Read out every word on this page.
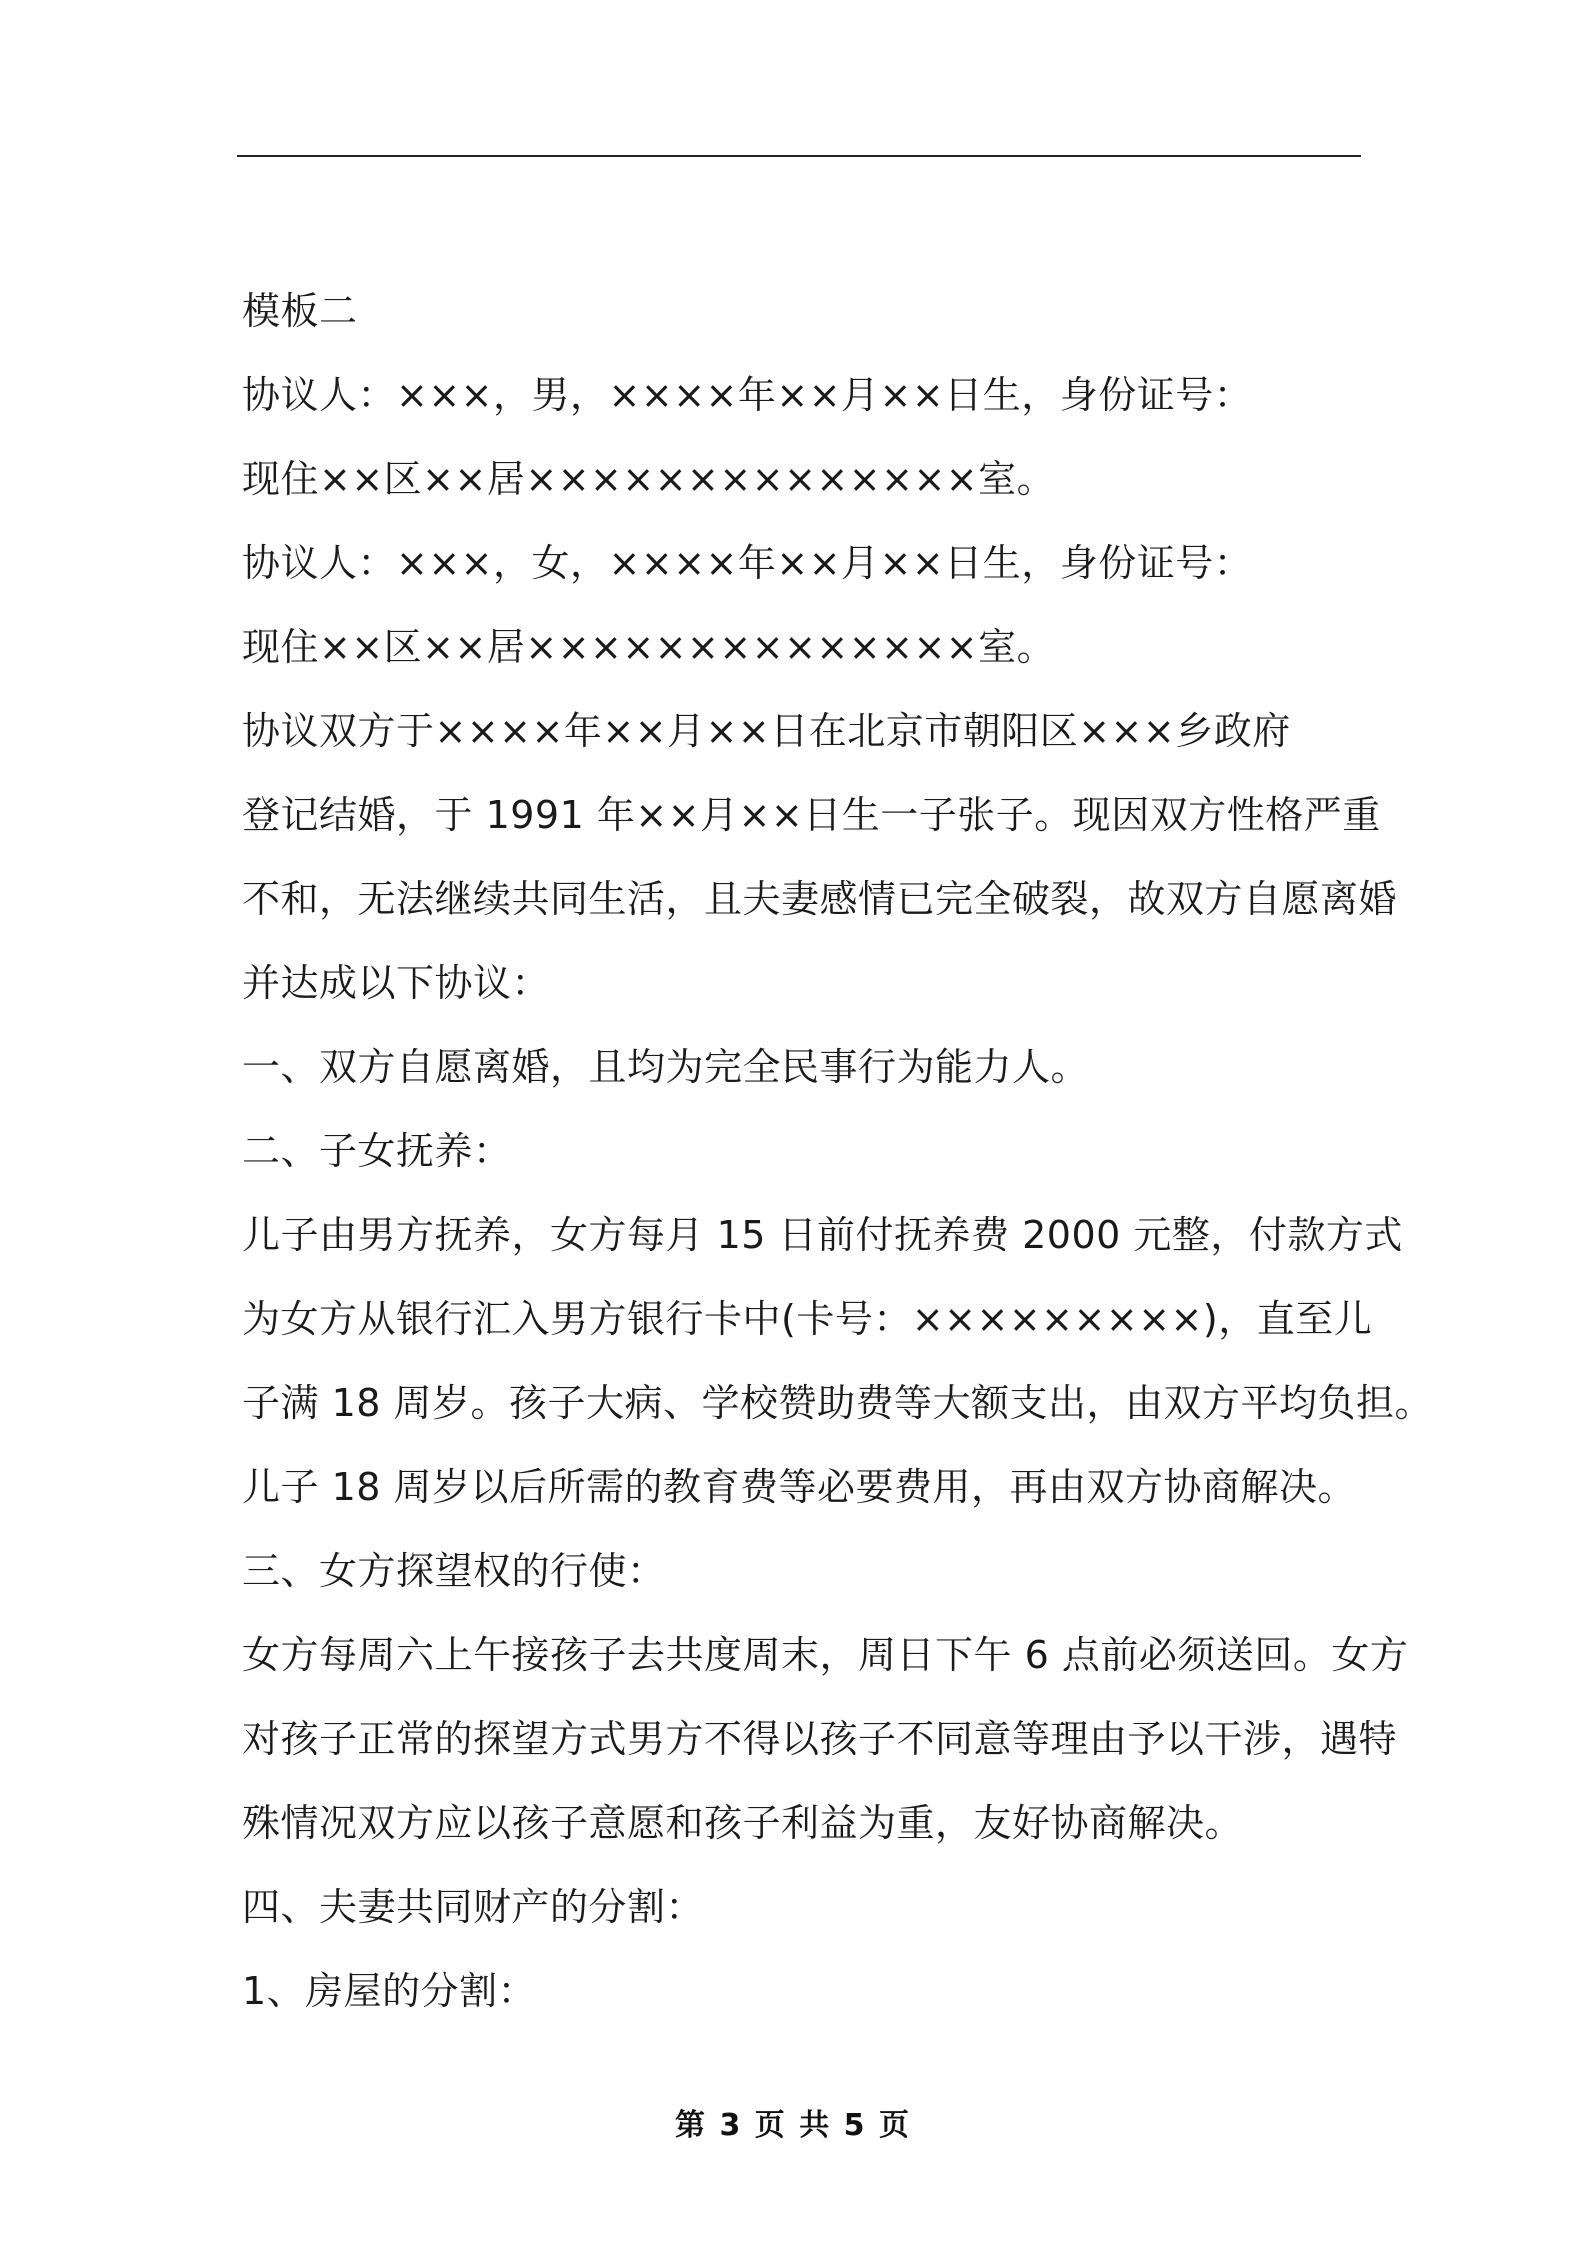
模板二
协议人：×××，男，××××年××月××日生，身份证号：
现住××区××居××××××××××××××室。
协议人：×××，女，××××年××月××日生，身份证号：
现住××区××居××××××××××××××室。
协议双方于××××年××月××日在北京市朝阳区×××乡政府
登记结婚，于 1991 年××月××日生一子张子。现因双方性格严重
不和，无法继续共同生活，且夫妻感情已完全破裂，故双方自愿离婚
并达成以下协议：
一、双方自愿离婚，且均为完全民事行为能力人。
二、子女抚养：
儿子由男方抚养，女方每月 15 日前付抚养费 2000 元整，付款方式
为女方从银行汇入男方银行卡中(卡号：×××××××××)，直至儿
子满 18 周岁。孩子大病、学校赞助费等大额支出，由双方平均负担。
儿子 18 周岁以后所需的教育费等必要费用，再由双方协商解决。
三、女方探望权的行使：
女方每周六上午接孩子去共度周末，周日下午 6 点前必须送回。女方
对孩子正常的探望方式男方不得以孩子不同意等理由予以干涉，遇特
殊情况双方应以孩子意愿和孩子利益为重，友好协商解决。
四、夫妻共同财产的分割：
1、房屋的分割：
第 3 页 共 5 页
